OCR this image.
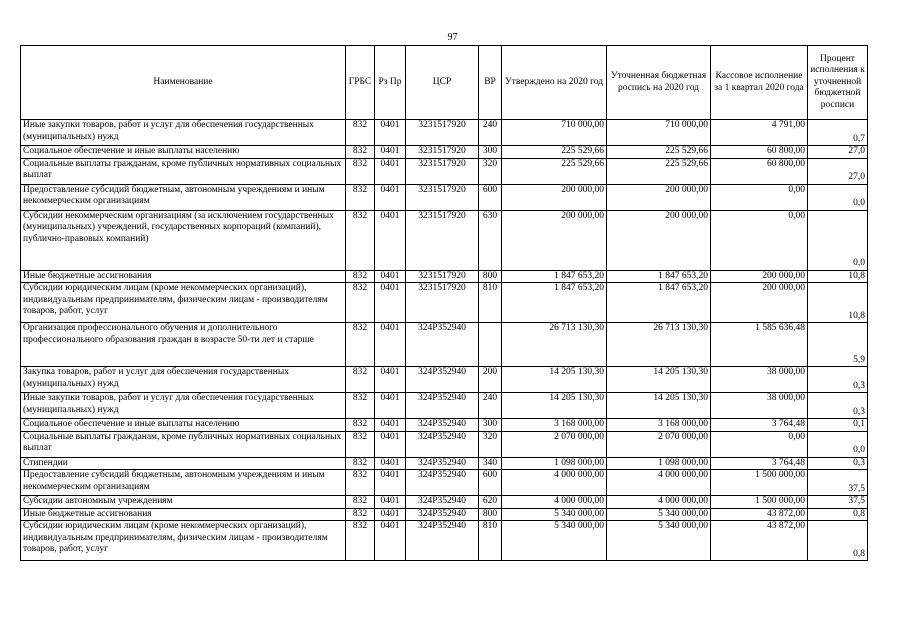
97
Наименование	ГРБС	Рз Пр	ЦСР	ВР	Утверждено на 2020 год	Уточненная бюджетная роспись на 2020 год	Кассовое исполнение за 1 квартал 2020 года	Процент исполнения к уточненной бюджетной росписи
Иные закупки товаров, работ и услуг для обеспечения государственных (муниципальных) нужд	832	0401	3231517920	240	710 000,00	710 000,00	4 791,00	0,7
Социальное обеспечение и иные выплаты населению	832	0401	3231517920	300	225 529,66	225 529,66	60 800,00	27,0
Социальные выплаты гражданам, кроме публичных нормативных социальных выплат	832	0401	3231517920	320	225 529,66	225 529,66	60 800,00	27,0
Предоставление субсидий бюджетным, автономным учреждениям и иным некоммерческим организациям	832	0401	3231517920	600	200 000,00	200 000,00	0,00	0,0
Субсидии некоммерческим организациям (за исключением государственных (муниципальных) учреждений, государственных корпораций (компаний), публично-правовых компаний)	832	0401	3231517920	630	200 000,00	200 000,00	0,00	0,0
Иные бюджетные ассигнования	832	0401	3231517920	800	1 847 653,20	1 847 653,20	200 000,00	10,8
Субсидии юридическим лицам (кроме некоммерческих организаций), индивидуальным предпринимателям, физическим лицам - производителям товаров, работ, услуг	832	0401	3231517920	810	1 847 653,20	1 847 653,20	200 000,00	10,8
Организация профессионального обучения и дополнительного профессионального образования граждан в возрасте 50-ти лет и старше	832	0401	324P352940		26 713 130,30	26 713 130,30	1 585 636,48	5,9
Закупка товаров, работ и услуг для обеспечения государственных (муниципальных) нужд	832	0401	324P352940	200	14 205 130,30	14 205 130,30	38 000,00	0,3
Иные закупки товаров, работ и услуг для обеспечения государственных (муниципальных) нужд	832	0401	324P352940	240	14 205 130,30	14 205 130,30	38 000,00	0,3
Социальное обеспечение и иные выплаты населению	832	0401	324P352940	300	3 168 000,00	3 168 000,00	3 764,48	0,1
Социальные выплаты гражданам, кроме публичных нормативных социальных выплат	832	0401	324P352940	320	2 070 000,00	2 070 000,00	0,00	0,0
Стипендии	832	0401	324P352940	340	1 098 000,00	1 098 000,00	3 764,48	0,3
Предоставление субсидий бюджетным, автономным учреждениям и иным некоммерческим организациям	832	0401	324P352940	600	4 000 000,00	4 000 000,00	1 500 000,00	37,5
Субсидии автономным учреждениям	832	0401	324P352940	620	4 000 000,00	4 000 000,00	1 500 000,00	37,5
Иные бюджетные ассигнования	832	0401	324P352940	800	5 340 000,00	5 340 000,00	43 872,00	0,8
Субсидии юридическим лицам (кроме некоммерческих организаций), индивидуальным предпринимателям, физическим лицам - производителям товаров, работ, услуг	832	0401	324P352940	810	5 340 000,00	5 340 000,00	43 872,00	0,8
